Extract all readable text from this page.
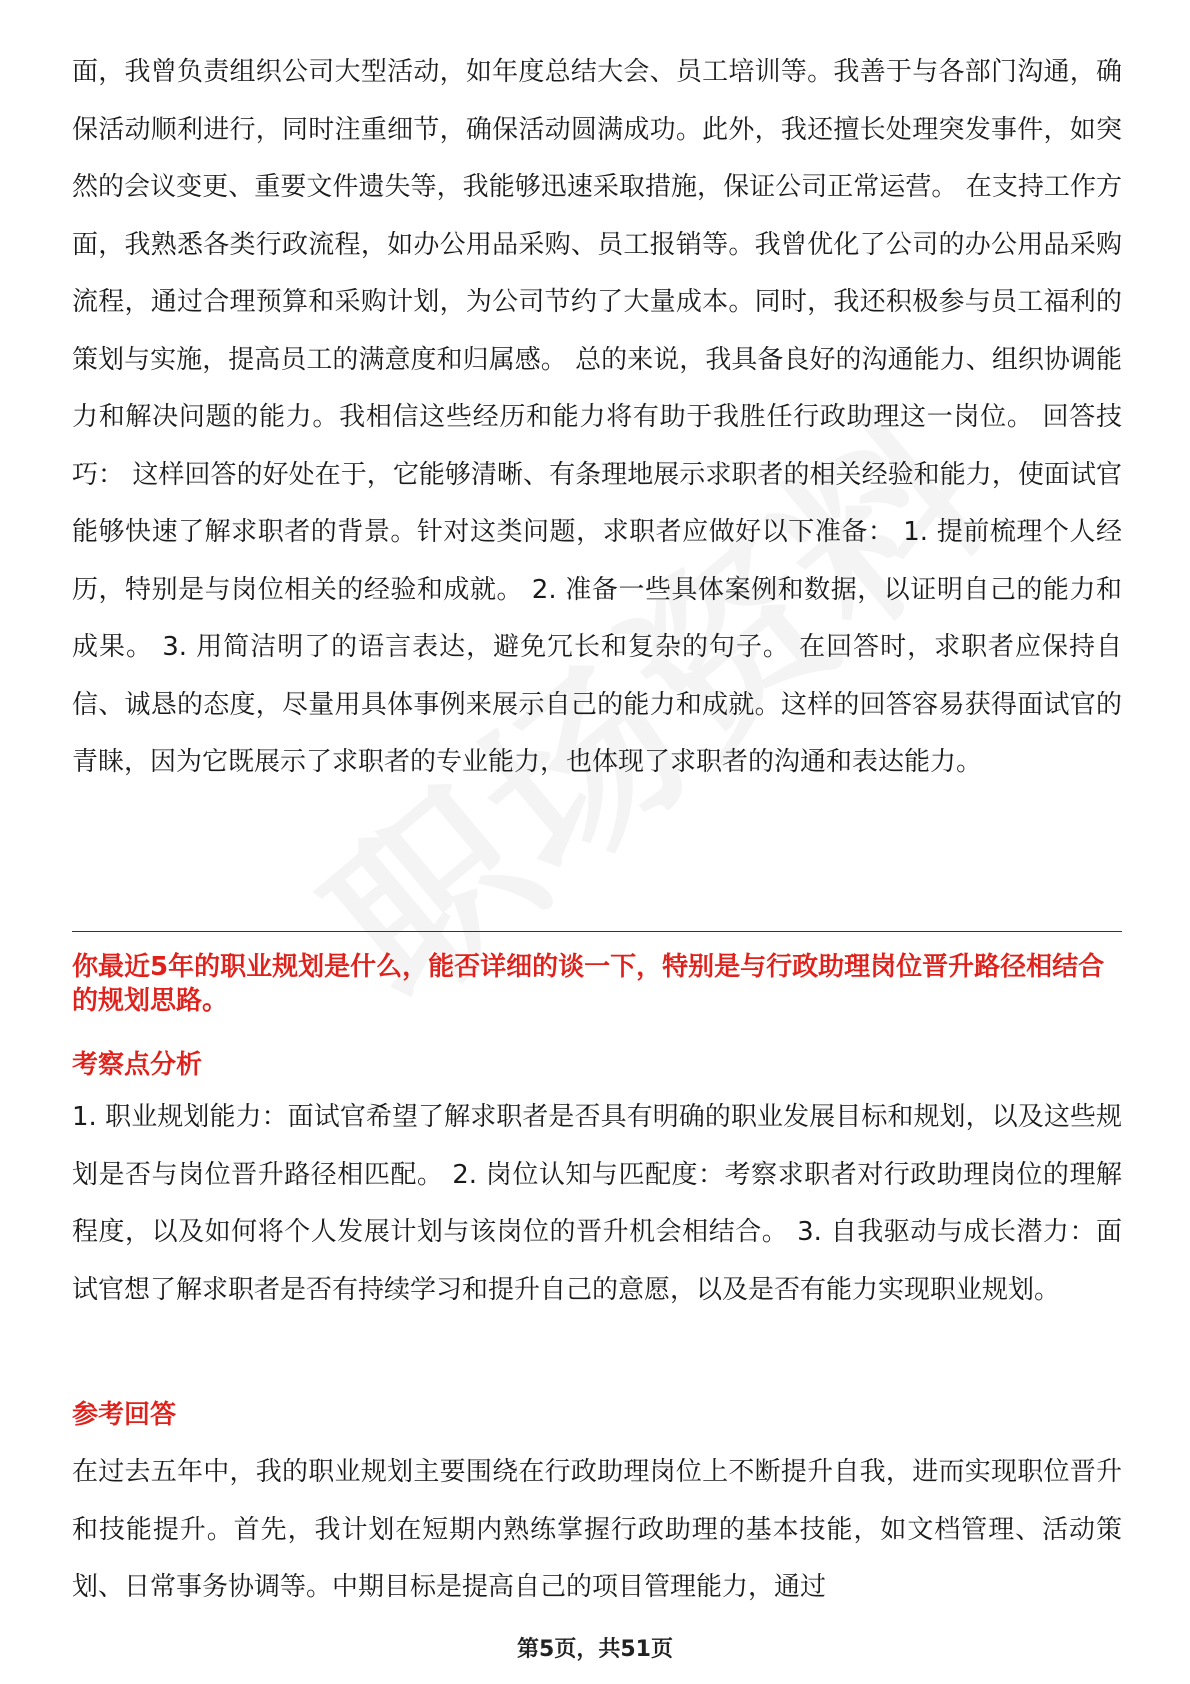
面，我曾负责组织公司大型活动，如年度总结大会、员工培训等。我善于与各部门沟通，确保活动顺利进行，同时注重细节，确保活动圆满成功。此外，我还擅长处理突发事件，如突然的会议变更、重要文件遗失等，我能够迅速采取措施，保证公司正常运营。 在支持工作方面，我熟悉各类行政流程，如办公用品采购、员工报销等。我曾优化了公司的办公用品采购流程，通过合理预算和采购计划，为公司节约了大量成本。同时，我还积极参与员工福利的策划与实施，提高员工的满意度和归属感。 总的来说，我具备良好的沟通能力、组织协调能力和解决问题的能力。我相信这些经历和能力将有助于我胜任行政助理这一岗位。 回答技巧： 这样回答的好处在于，它能够清晰、有条理地展示求职者的相关经验和能力，使面试官能够快速了解求职者的背景。针对这类问题，求职者应做好以下准备： 1. 提前梳理个人经历，特别是与岗位相关的经验和成就。 2. 准备一些具体案例和数据，以证明自己的能力和成果。 3. 用简洁明了的语言表达，避免冗长和复杂的句子。 在回答时，求职者应保持自信、诚恳的态度，尽量用具体事例来展示自己的能力和成就。这样的回答容易获得面试官的青睐，因为它既展示了求职者的专业能力，也体现了求职者的沟通和表达能力。

你最近5年的职业规划是什么，能否详细的谈一下，特别是与行政助理岗位晋升路径相结合的规划思路。

考察点分析

1. 职业规划能力：面试官希望了解求职者是否具有明确的职业发展目标和规划，以及这些规划是否与岗位晋升路径相匹配。 2. 岗位认知与匹配度：考察求职者对行政助理岗位的理解程度，以及如何将个人发展计划与该岗位的晋升机会相结合。 3. 自我驱动与成长潜力：面试官想了解求职者是否有持续学习和提升自己的意愿，以及是否有能力实现职业规划。

参考回答

在过去五年中，我的职业规划主要围绕在行政助理岗位上不断提升自我，进而实现职位晋升和技能提升。首先，我计划在短期内熟练掌握行政助理的基本技能，如文档管理、活动策划、日常事务协调等。中期目标是提高自己的项目管理能力，通过

第5页，共51页
